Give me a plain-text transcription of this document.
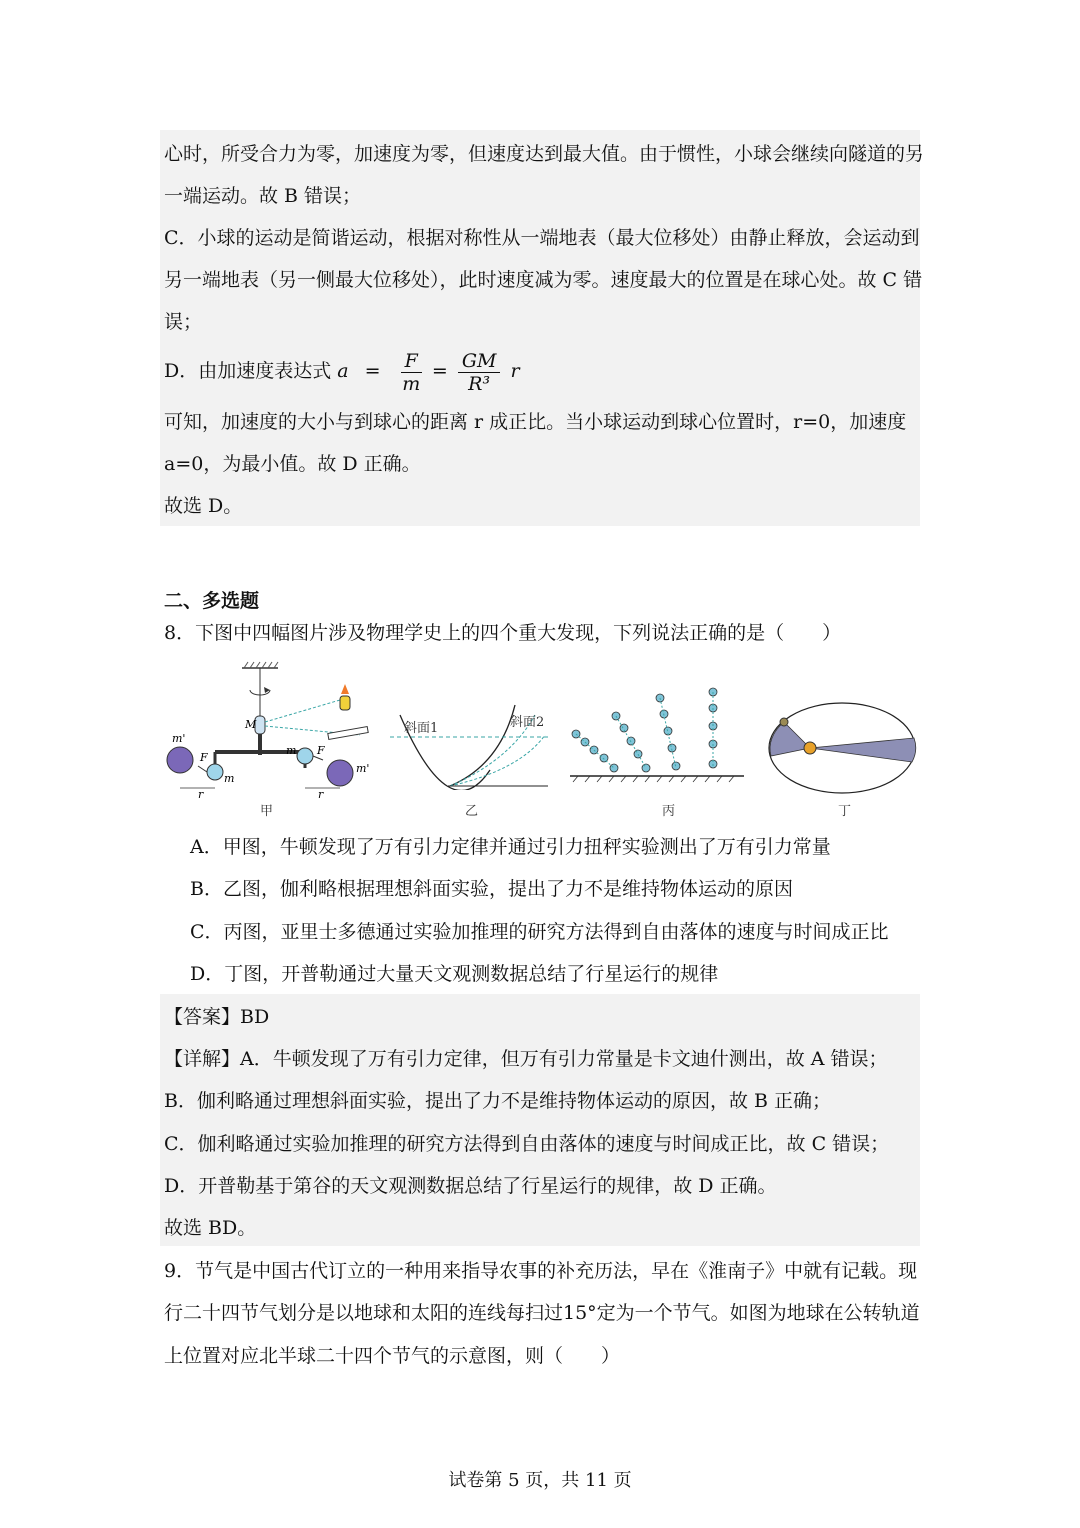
心时，所受合力为零，加速度为零，但速度达到最大值。由于惯性，小球会继续向隧道的另
一端运动。故 B 错误；
C．小球的运动是简谐运动，根据对称性从一端地表（最大位移处）由静止释放，会运动到
另一端地表（另一侧最大位移处），此时速度减为零。速度最大的位置是在球心处。故 C 错
误；
D．由加速度表达式 $a = \frac{F}{m} = \frac{GM}{\text{R³}}$ r
可知，加速度的大小与到球心的距离 r 成正比。当小球运动到球心位置时，r=0，加速度
a=0，为最小值。故 D 正确。
故选 D。
二、多选题
8．下图中四幅图片涉及物理学史上的四个重大发现，下列说法正确的是（　　）
M
m'
F
r
m
m F
r
m'
甲
斜面1	斜面2
乙	丙	丁
A．甲图，牛顿发现了万有引力定律并通过引力扭秤实验测出了万有引力常量
B．乙图，伽利略根据理想斜面实验，提出了力不是维持物体运动的原因
C．丙图，亚里士多德通过实验加推理的研究方法得到自由落体的速度与时间成正比
D．丁图，开普勒通过大量天文观测数据总结了行星运行的规律
【答案】BD
【详解】A．牛顿发现了万有引力定律，但万有引力常量是卡文迪什测出，故 A 错误；
B．伽利略通过理想斜面实验，提出了力不是维持物体运动的原因，故 B 正确；
C．伽利略通过实验加推理的研究方法得到自由落体的速度与时间成正比，故 C 错误；
D．开普勒基于第谷的天文观测数据总结了行星运行的规律，故 D 正确。
故选 BD。
9．节气是中国古代订立的一种用来指导农事的补充历法，早在《淮南子》中就有记载。现
行二十四节气划分是以地球和太阳的连线每扫过15°定为一个节气。如图为地球在公转轨道
上位置对应北半球二十四个节气的示意图，则（　　）
试卷第 5 页，共 11 页
